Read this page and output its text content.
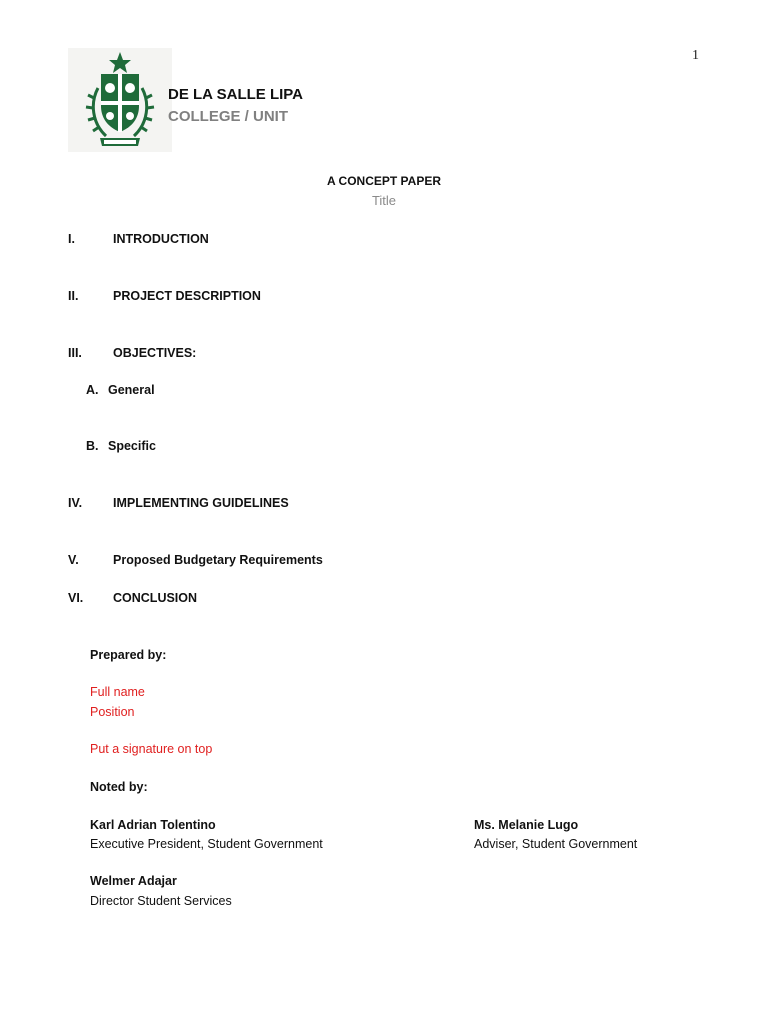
1
DE LA SALLE LIPA
COLLEGE / UNIT
A CONCEPT PAPER
Title
I.	INTRODUCTION
II.	PROJECT DESCRIPTION
III. OBJECTIVES:
A. General
B. Specific
IV. IMPLEMENTING GUIDELINES
V.	Proposed Budgetary Requirements
VI. CONCLUSION
Prepared by:
Full name
Position
Put a signature on top
Noted by:
Karl Adrian Tolentino
Executive President, Student Government
Ms. Melanie Lugo
Adviser, Student Government
Welmer Adajar
Director Student Services
